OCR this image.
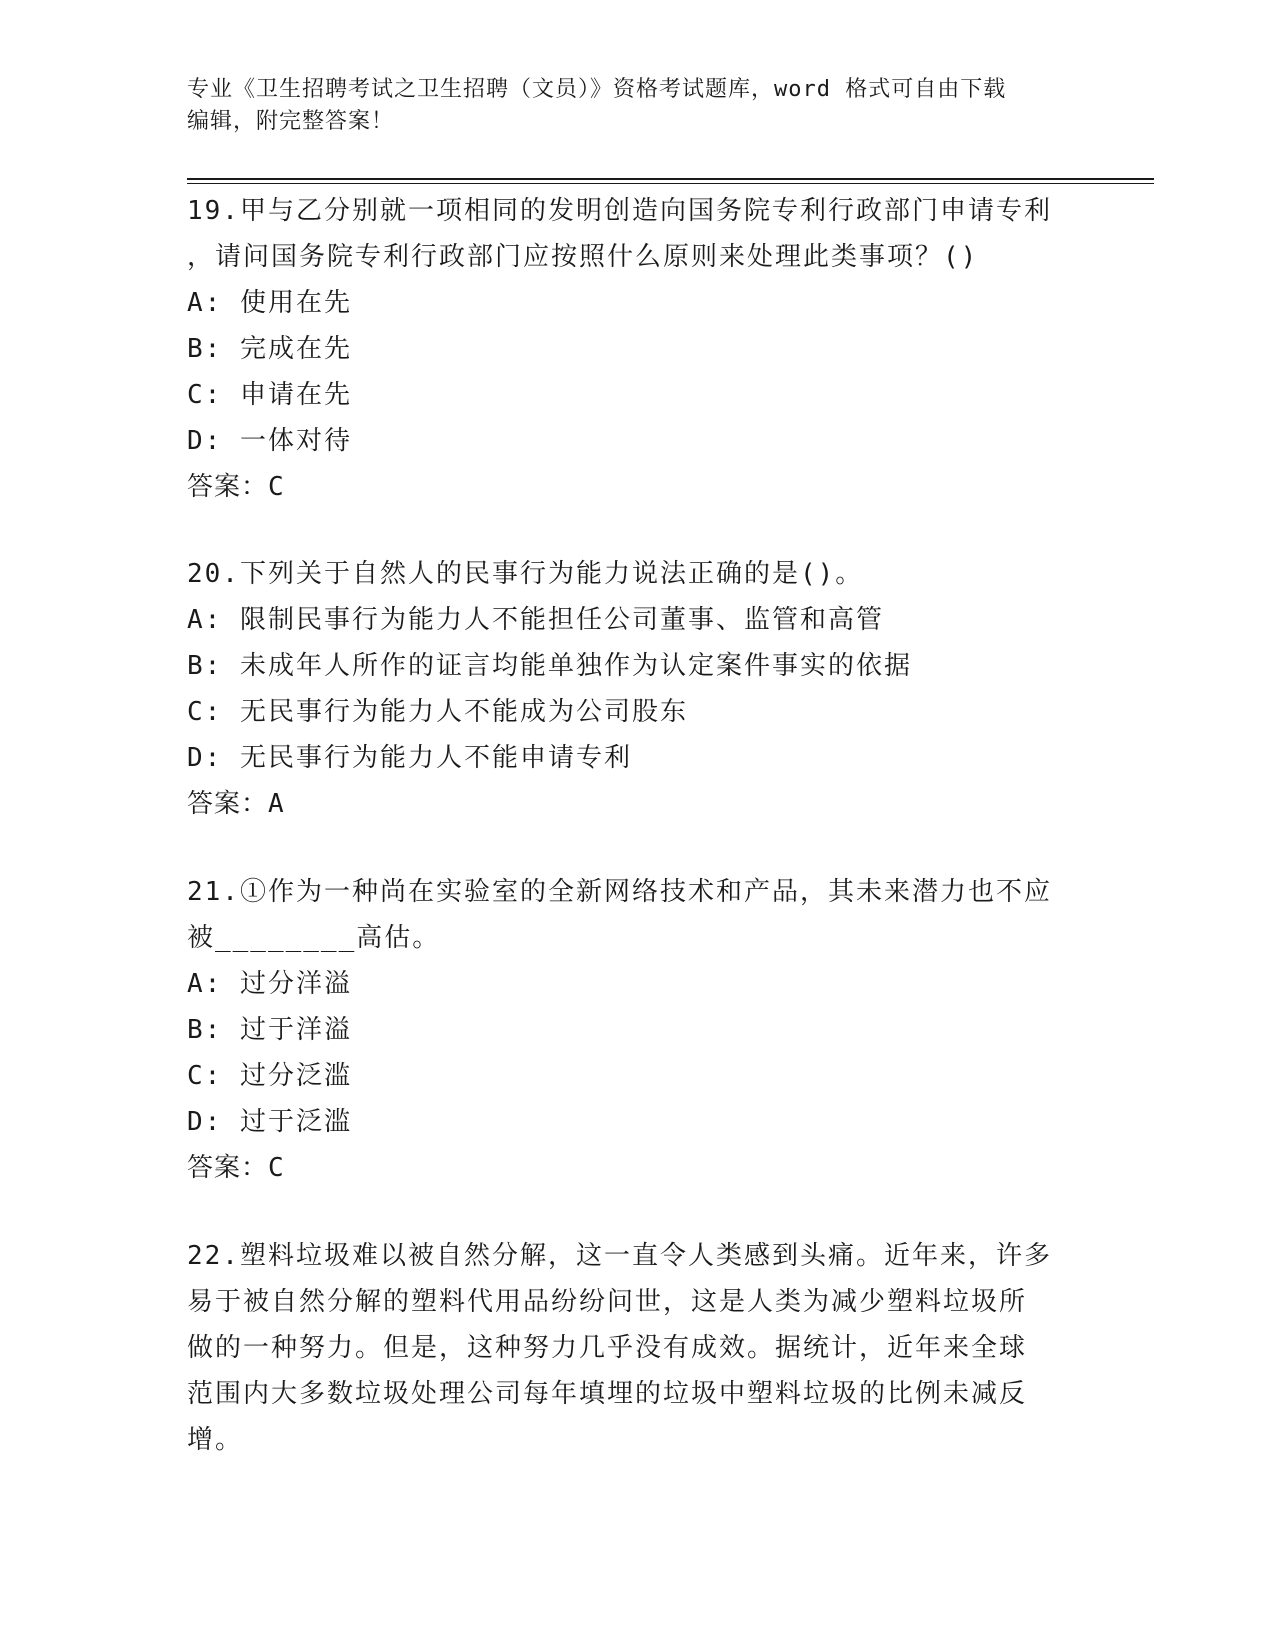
专业《卫生招聘考试之卫生招聘（文员）》资格考试题库，word 格式可自由下载
编辑，附完整答案！
19.甲与乙分别就一项相同的发明创造向国务院专利行政部门申请专利
，请问国务院专利行政部门应按照什么原则来处理此类事项？()
A: 使用在先
B: 完成在先
C: 申请在先
D: 一体对待
答案：C
20.下列关于自然人的民事行为能力说法正确的是()。
A: 限制民事行为能力人不能担任公司董事、监管和高管
B: 未成年人所作的证言均能单独作为认定案件事实的依据
C: 无民事行为能力人不能成为公司股东
D: 无民事行为能力人不能申请专利
答案：A
21.①作为一种尚在实验室的全新网络技术和产品，其未来潜力也不应
被________高估。
A: 过分洋溢
B: 过于洋溢
C: 过分泛滥
D: 过于泛滥
答案：C
22.塑料垃圾难以被自然分解，这一直令人类感到头痛。近年来，许多
易于被自然分解的塑料代用品纷纷问世，这是人类为减少塑料垃圾所
做的一种努力。但是，这种努力几乎没有成效。据统计，近年来全球
范围内大多数垃圾处理公司每年填埋的垃圾中塑料垃圾的比例未减反
增。
